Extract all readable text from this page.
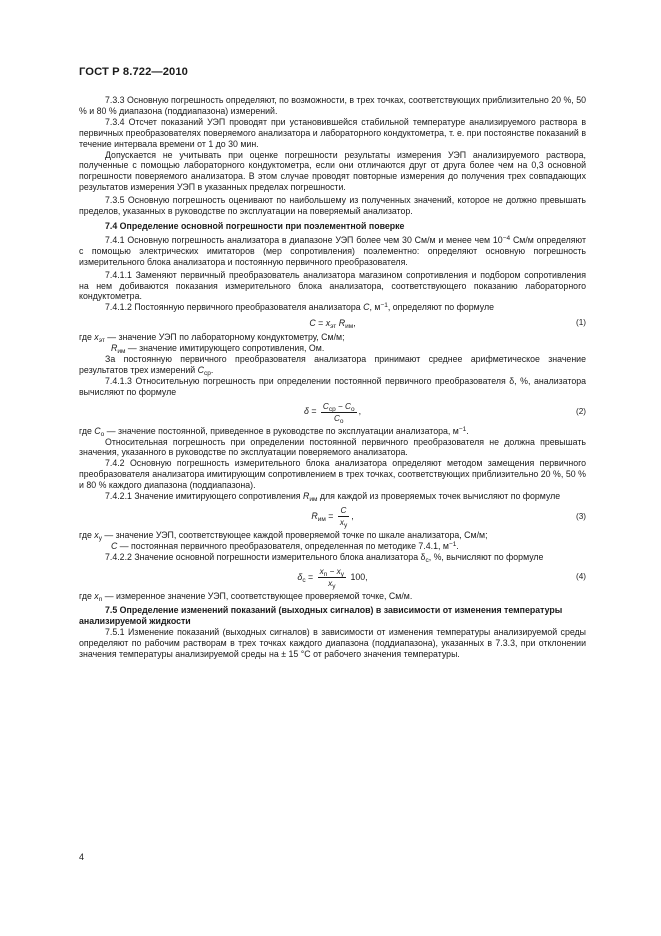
ГОСТ Р 8.722—2010

7.3.3 Основную погрешность определяют, по возможности, в трех точках, соответствующих приблизительно 20 %, 50 % и 80 % диапазона (поддиапазона) измерений.

7.3.4 Отсчет показаний УЭП проводят при установившейся стабильной температуре анализируемого раствора в первичных преобразователях поверяемого анализатора и лабораторного кондуктометра, т. е. при постоянстве показаний в течение интервала времени от 1 до 30 мин.

Допускается не учитывать при оценке погрешности результаты измерения УЭП анализируемого раствора, полученные с помощью лабораторного кондуктометра, если они отличаются друг от друга более чем на 0,3 основной погрешности поверяемого анализатора. В этом случае проводят повторные измерения до получения трех совпадающих результатов измерения УЭП в указанных пределах погрешности.

7.3.5 Основную погрешность оценивают по наибольшему из полученных значений, которое не должно превышать пределов, указанных в руководстве по эксплуатации на поверяемый анализатор.

7.4 Определение основной погрешности при поэлементной поверке

7.4.1 Основную погрешность анализатора в диапазоне УЭП более чем 30 См/м и менее чем $10^{-4}$ См/м определяют с помощью электрических имитаторов (мер сопротивления) поэлементно: определяют основную погрешность измерительного блока анализатора и постоянную первичного преобразователя.

7.4.1.1 Заменяют первичный преобразователь анализатора магазином сопротивления и подбором сопротивления на нем добиваются показания измерительного блока анализатора, соответствующего показанию лабораторного кондуктометра.

7.4.1.2 Постоянную первичного преобразователя анализатора С, $м^{-1}$, определяют по формуле

$C = x_{эт}$ $R_{им}$,	(1)

где $x_{эт}$ — значение УЭП по лабораторному кондуктометру, См/м;

$R_{им}$ — значение имитирующего сопротивления, Ом.

За постоянную первичного преобразователя анализатора принимают среднее арифметическое значение результатов трех измерений $С_{ср}$.

7.4.1.3 Относительную погрешность при определении постоянной первичного преобразователя δ, %, анализатора вычисляют по формуле

$\delta = \frac{C_{ср} - C_о}{C_о}$ ,	(2)

где $C_о$ — значение постоянной, приведенное в руководстве по эксплуатации анализатора, $м^{-1}$.

Относительная погрешность при определении постоянной первичного преобразователя не должна превышать значения, указанного в руководстве по эксплуатации поверяемого анализатора.

7.4.2 Основную погрешность измерительного блока анализатора определяют методом замещения первичного преобразователя анализатора имитирующим сопротивлением в трех точках, соответствующих приблизительно 20 %, 50 % и 80 % каждого диапазона (поддиапазона).

7.4.2.1 Значение имитирующего сопротивления $R_{им}$ для каждой из проверяемых точек вычисляют по формуле

$R_{им} = \frac{C}{x_y}$ ,	(3)

где $x_y$ — значение УЭП, соответствующее каждой проверяемой точке по шкале анализатора, См/м;

C — постоянная первичного преобразователя, определенная по методике 7.4.1, $м^{-1}$.

7.4.2.2 Значение основной погрешности измерительного блока анализатора $\delta_с$, %, вычисляют по формуле

$\delta_с = \frac{x_n - x_y}{x_y} 100$,	(4)

где $x_n$ — измеренное значение УЭП, соответствующее проверяемой точке, См/м.

7.5 Определение изменений показаний (выходных сигналов) в зависимости от изменения температуры анализируемой жидкости

7.5.1 Изменение показаний (выходных сигналов) в зависимости от изменения температуры анализируемой среды определяют по рабочим растворам в трех точках каждого диапазона (поддиапазона), указанных в 7.3.3, при отклонении значения температуры анализируемой среды на ± 15 °С от рабочего значения температуры.

4
